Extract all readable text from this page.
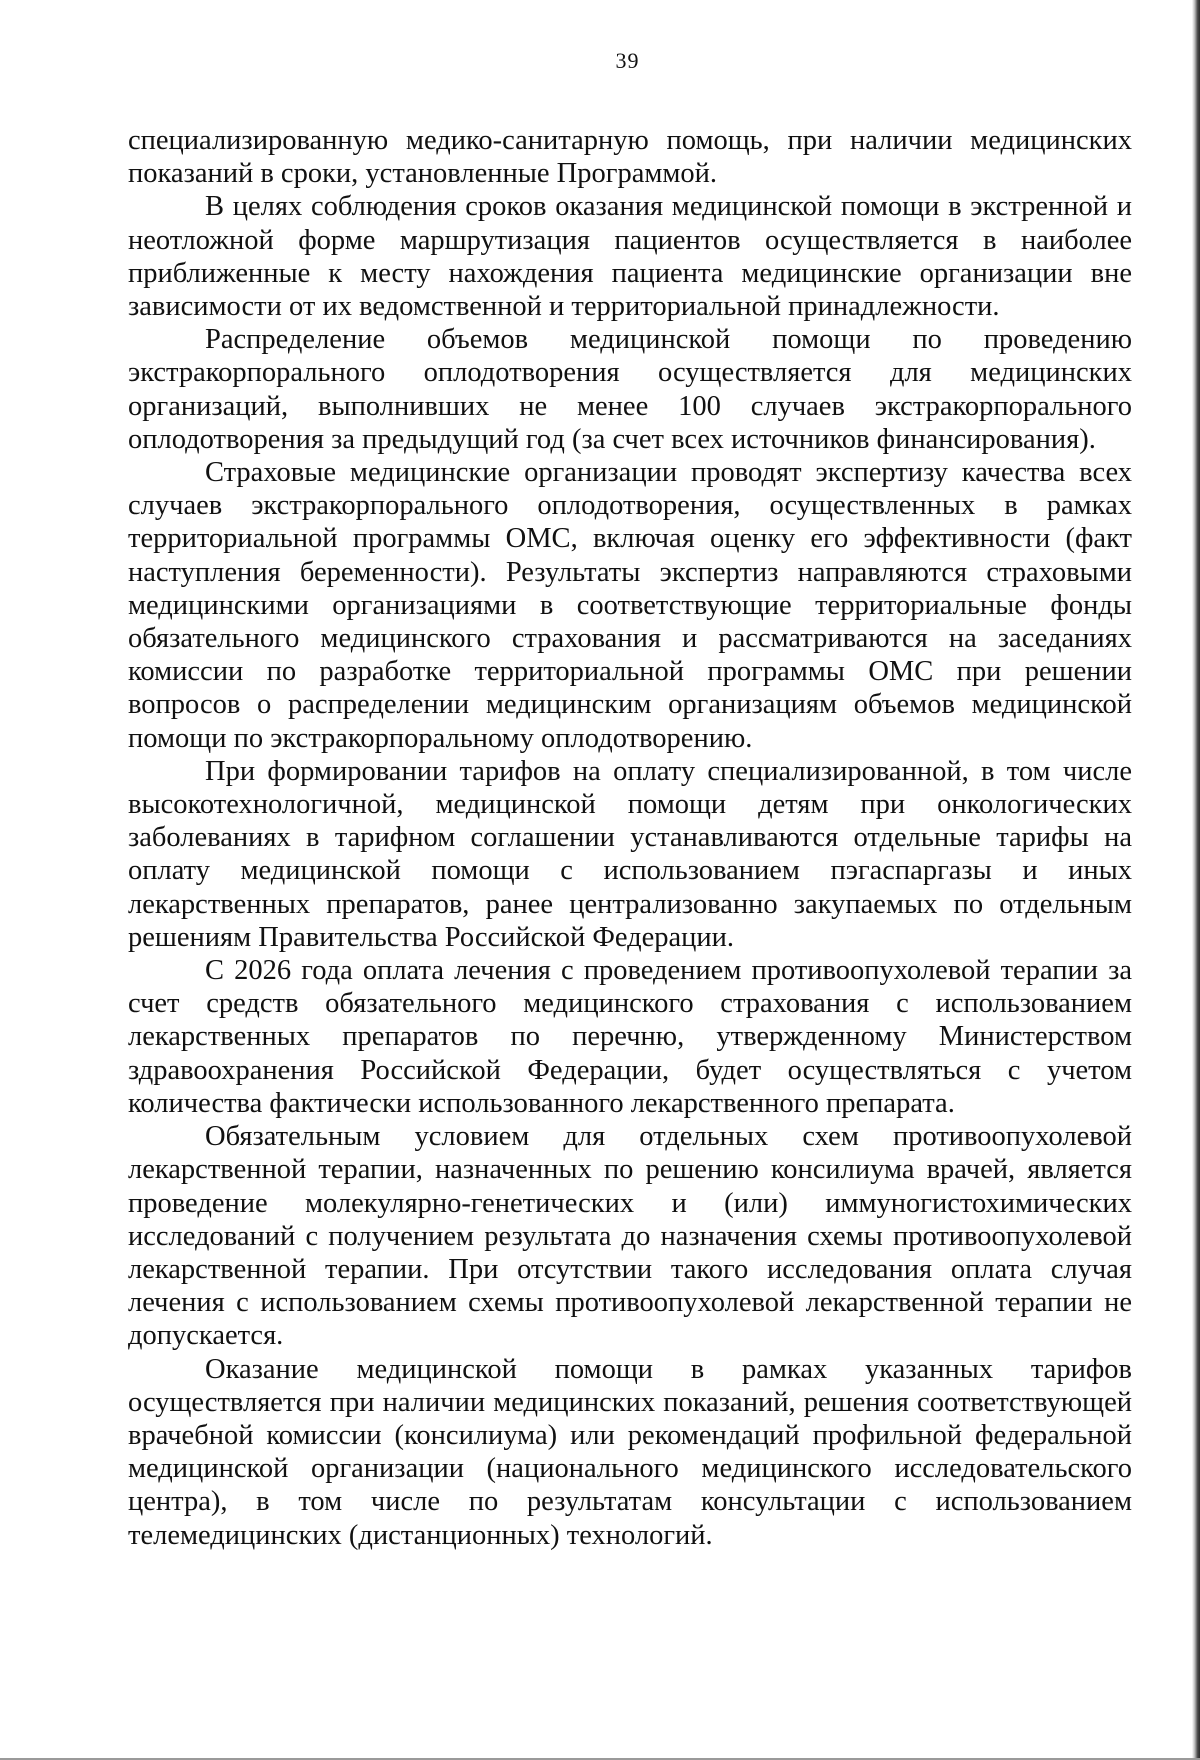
39

специализированную медико-санитарную помощь, при наличии медицинских показаний в сроки, установленные Программой.

В целях соблюдения сроков оказания медицинской помощи в экстренной и неотложной форме маршрутизация пациентов осуществляется в наиболее приближенные к месту нахождения пациента медицинские организации вне зависимости от их ведомственной и территориальной принадлежности.

Распределение объемов медицинской помощи по проведению экстракорпорального оплодотворения осуществляется для медицинских организаций, выполнивших не менее 100 случаев экстракорпорального оплодотворения за предыдущий год (за счет всех источников финансирования).

Страховые медицинские организации проводят экспертизу качества всех случаев экстракорпорального оплодотворения, осуществленных в рамках территориальной программы ОМС, включая оценку его эффективности (факт наступления беременности). Результаты экспертиз направляются страховыми медицинскими организациями в соответствующие территориальные фонды обязательного медицинского страхования и рассматриваются на заседаниях комиссии по разработке территориальной программы ОМС при решении вопросов о распределении медицинским организациям объемов медицинской помощи по экстракорпоральному оплодотворению.

При формировании тарифов на оплату специализированной, в том числе высокотехнологичной, медицинской помощи детям при онкологических заболеваниях в тарифном соглашении устанавливаются отдельные тарифы на оплату медицинской помощи с использованием пэгаспаргазы и иных лекарственных препаратов, ранее централизованно закупаемых по отдельным решениям Правительства Российской Федерации.

С 2026 года оплата лечения с проведением противоопухолевой терапии за счет средств обязательного медицинского страхования с использованием лекарственных препаратов по перечню, утвержденному Министерством здравоохранения Российской Федерации, будет осуществляться с учетом количества фактически использованного лекарственного препарата.

Обязательным условием для отдельных схем противоопухолевой лекарственной терапии, назначенных по решению консилиума врачей, является проведение молекулярно-генетических и (или) иммуногистохимических исследований с получением результата до назначения схемы противоопухолевой лекарственной терапии. При отсутствии такого исследования оплата случая лечения с использованием схемы противоопухолевой лекарственной терапии не допускается.

Оказание медицинской помощи в рамках указанных тарифов осуществляется при наличии медицинских показаний, решения соответствующей врачебной комиссии (консилиума) или рекомендаций профильной федеральной медицинской организации (национального медицинского исследовательского центра), в том числе по результатам консультации с использованием телемедицинских (дистанционных) технологий.
